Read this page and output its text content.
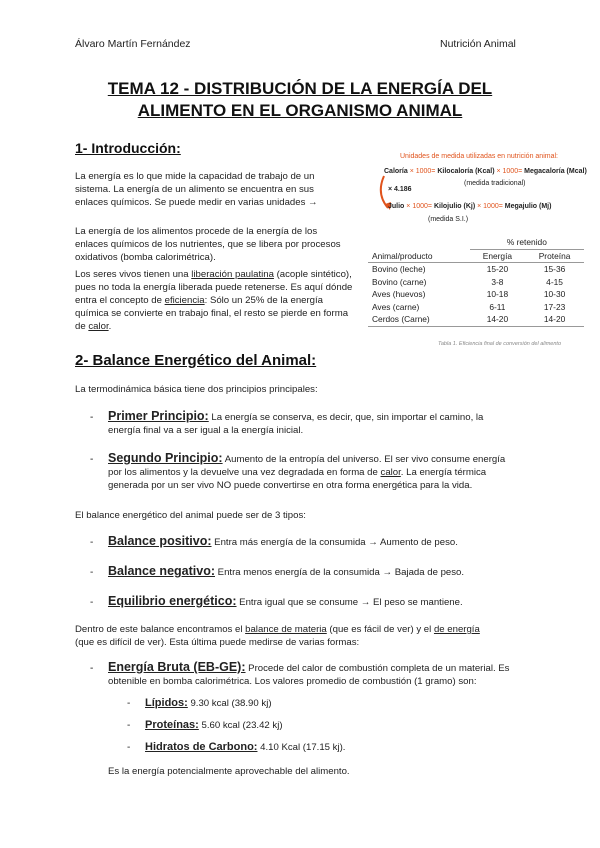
Álvaro Martín Fernández	Nutrición Animal
TEMA 12 - DISTRIBUCIÓN DE LA ENERGÍA DEL
ALIMENTO EN EL ORGANISMO ANIMAL
1- Introducción:
La energía es lo que mide la capacidad de trabajo de un
sistema. La energía de un alimento se encuentra en sus
enlaces químicos. Se puede medir en varias unidades →
La energía de los alimentos procede de la energía de los
enlaces químicos de los nutrientes, que se libera por procesos
oxidativos (bomba calorimétrica).
Los seres vivos tienen una liberación paulatina (acople sintético),
pues no toda la energía liberada puede retenerse. Es aquí dónde
entra el concepto de eficiencia: Sólo un 25% de la energía
química se convierte en trabajo final, el resto se pierde en forma
de calor.
Unidades de medida utilizadas en nutrición animal:
Caloría × 1000= Kilocaloría (Kcal) × 1000= Megacaloría (Mcal)
(medida tradicional)
× 4.186
Julio × 1000= Kilojulio (Kj) × 1000= Megajulio (Mj)
(medida S.I.)
	% retenido	
Animal/producto	Energía	Proteína
Bovino (leche)	15-20	15-36
Bovino (carne)	3-8	4-15
Aves (huevos)	10-18	10-30
Aves (carne)	6-11	17-23
Cerdos (Carne)	14-20	14-20
Tabla 1. Eficiencia final de conversión del alimento
2- Balance Energético del Animal:
La termodinámica básica tiene dos principios principales:
- Primer Principio: La energía se conserva, es decir, que, sin importar el camino, la
energía final va a ser igual a la energía inicial.
- Segundo Principio: Aumento de la entropía del universo. El ser vivo consume energía
por los alimentos y la devuelve una vez degradada en forma de calor. La energía térmica
generada por un ser vivo NO puede convertirse en otra forma energética para la vida.
El balance energético del animal puede ser de 3 tipos:
- Balance positivo: Entra más energía de la consumida → Aumento de peso.
- Balance negativo: Entra menos energía de la consumida → Bajada de peso.
- Equilibrio energético: Entra igual que se consume → El peso se mantiene.
Dentro de este balance encontramos el balance de materia (que es fácil de ver) y el de energía
(que es difícil de ver). Esta última puede medirse de varias formas:
- Energía Bruta (EB-GE): Procede del calor de combustión completa de un material. Es
obtenible en bomba calorimétrica. Los valores promedio de combustión (1 gramo) son:
- Lípidos: 9.30 kcal (38.90 kj)
- Proteínas: 5.60 kcal (23.42 kj)
- Hidratos de Carbono: 4.10 Kcal (17.15 kj).
Es la energía potencialmente aprovechable del alimento.
